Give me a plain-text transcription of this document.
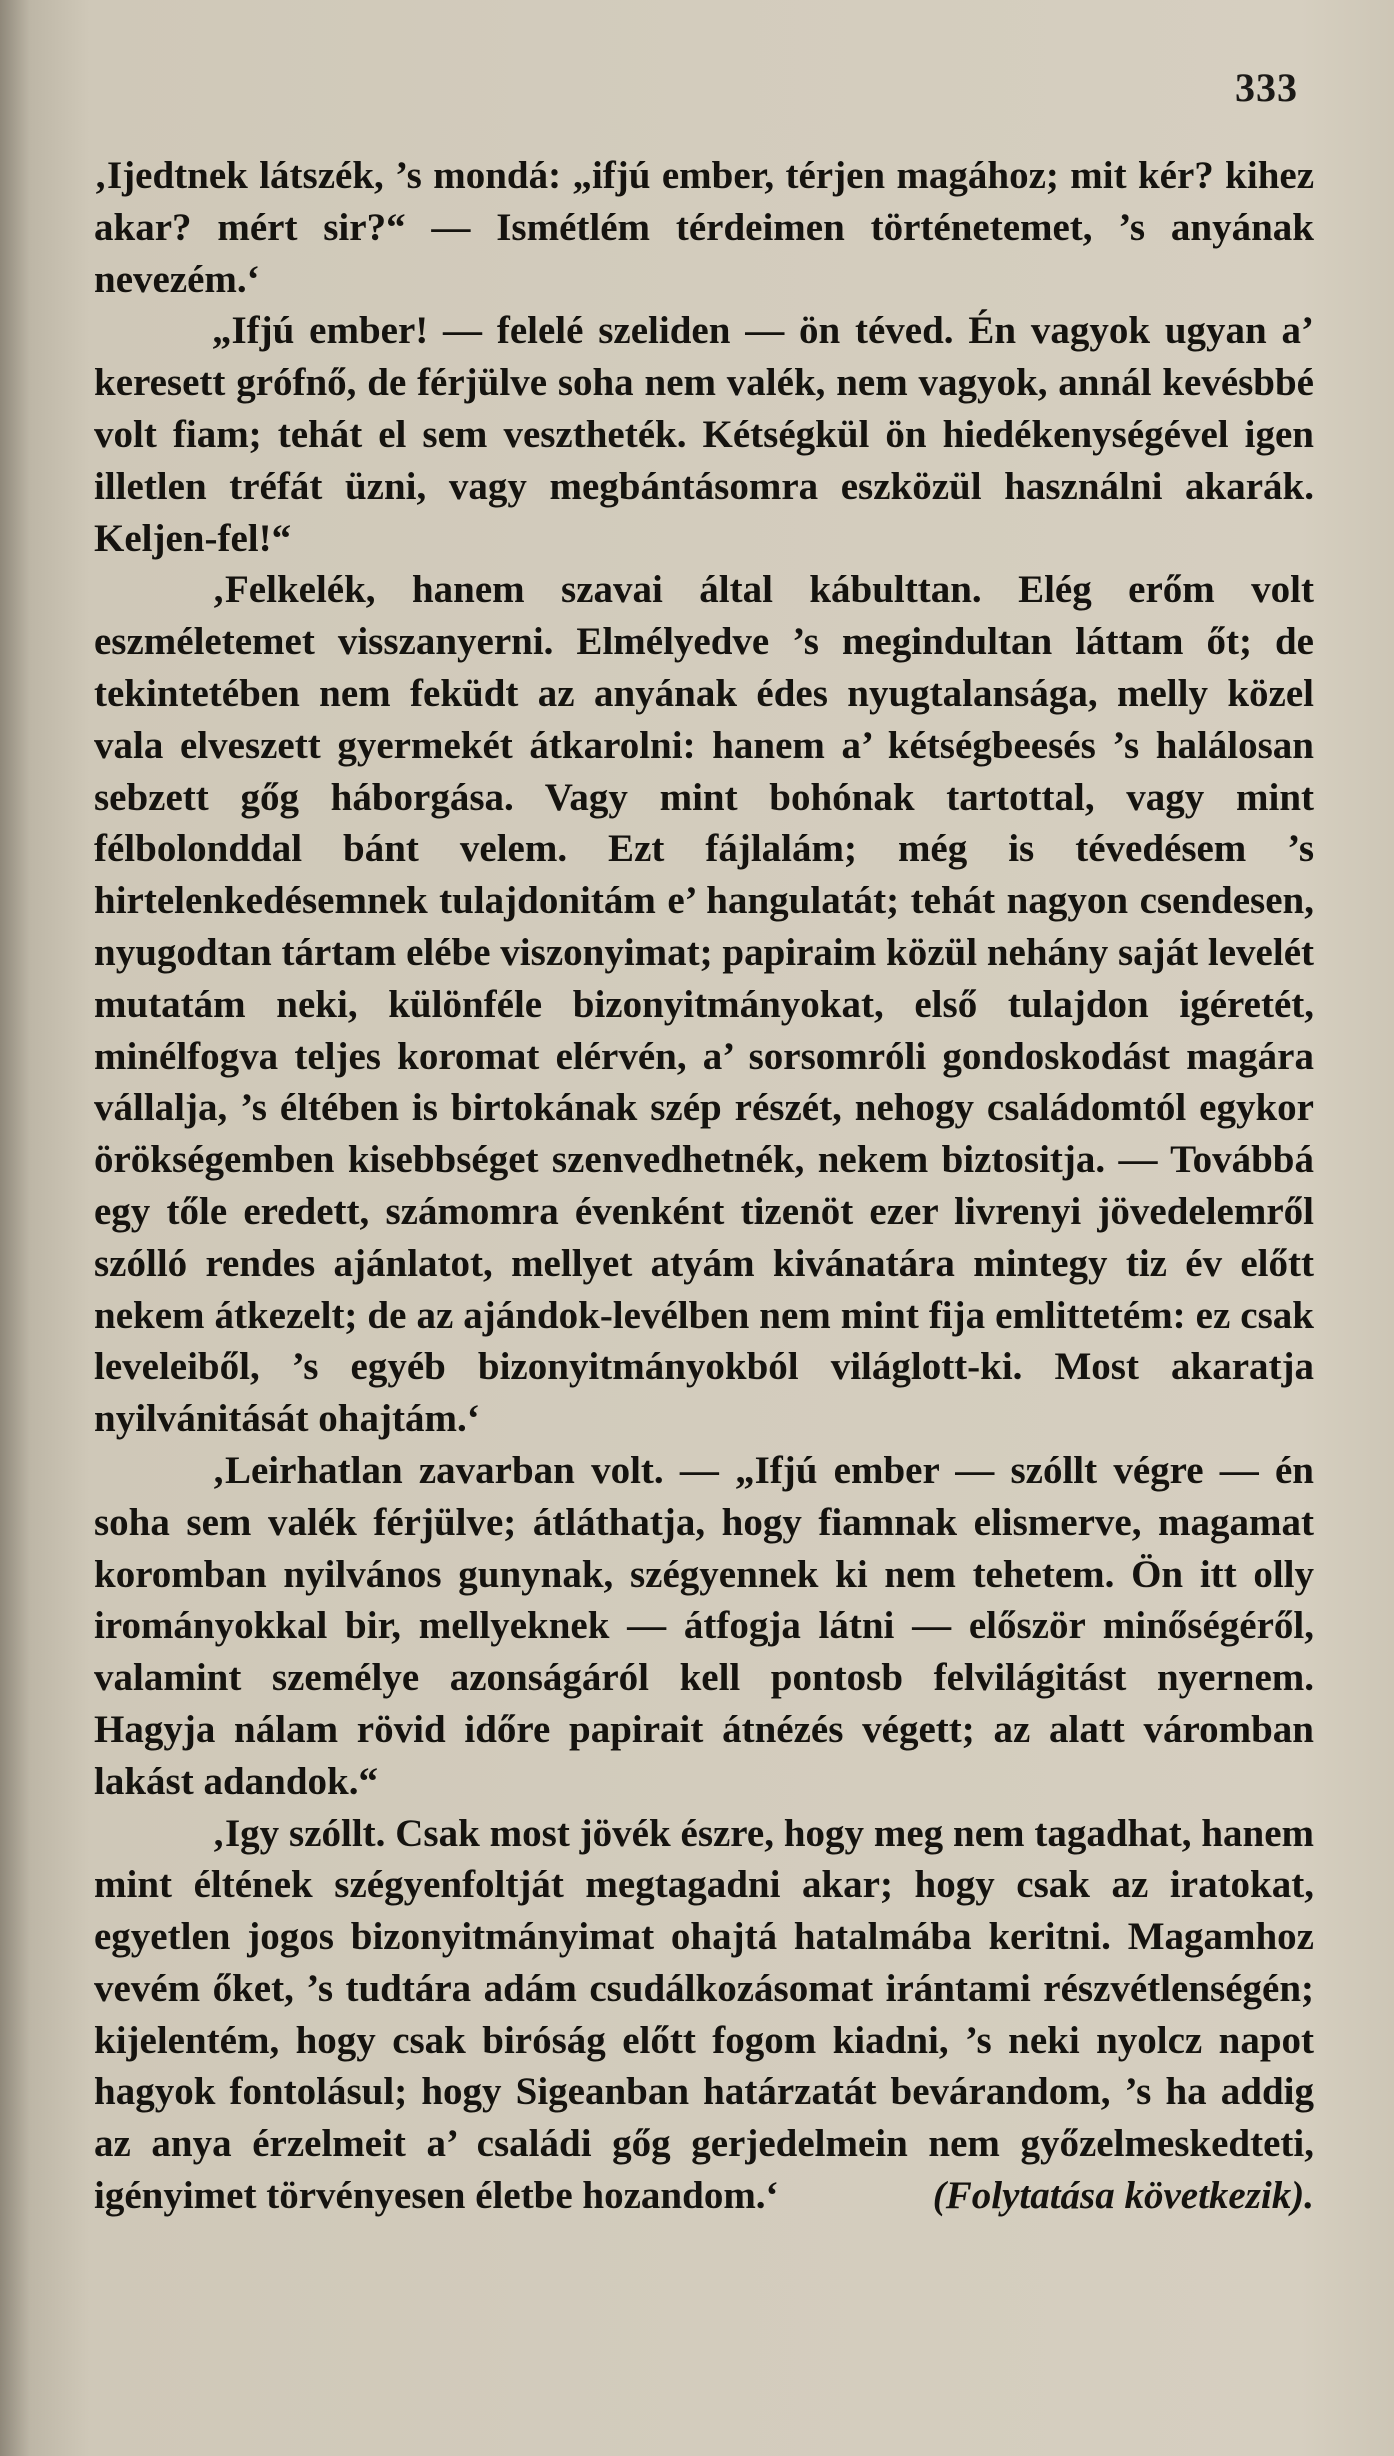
333

‚Ijedtnek látszék, ’s mondá: „ifjú ember, térjen magához; mit kér? kihez akar? mért sir?“ — Ismétlém térdeimen történetemet, ’s anyának nevezém.‘

„Ifjú ember! — felelé szeliden — ön téved. Én vagyok ugyan a’ keresett grófnő, de férjülve soha nem valék, nem vagyok, annál kevésbbé volt fiam; tehát el sem vesztheték. Kétségkül ön hiedékenységével igen illetlen tréfát üzni, vagy megbántásomra eszközül használni akarák. Keljen-fel!“

‚Felkelék, hanem szavai által kábulttan. Elég erőm volt eszméletemet visszanyerni. Elmélyedve ’s megindultan láttam őt; de tekintetében nem feküdt az anyának édes nyugtalansága, melly közel vala elveszett gyermekét átkarolni: hanem a’ kétségbeesés ’s halálosan sebzett gőg háborgása. Vagy mint bohónak tartottal, vagy mint félbolonddal bánt velem. Ezt fájlalám; még is tévedésem ’s hirtelenkedésemnek tulajdonitám e’ hangulatát; tehát nagyon csendesen, nyugodtan tártam elébe viszonyimat; papiraim közül nehány saját levelét mutatám neki, különféle bizonyitmányokat, első tulajdon igéretét, minélfogva teljes koromat elérvén, a’ sorsomróli gondoskodást magára vállalja, ’s éltében is birtokának szép részét, nehogy családomtól egykor örökségemben kisebbséget szenvedhetnék, nekem biztositja. — Továbbá egy tőle eredett, számomra évenként tizenöt ezer livrenyi jövedelemről szólló rendes ajánlatot, mellyet atyám kivánatára mintegy tiz év előtt nekem átkezelt; de az ajándok-levélben nem mint fija emlittetém: ez csak leveleiből, ’s egyéb bizonyitmányokból világlott-ki. Most akaratja nyilvánitását ohajtám.‘

‚Leirhatlan zavarban volt. — „Ifjú ember — szóllt végre — én soha sem valék férjülve; átláthatja, hogy fiamnak elismerve, magamat koromban nyilvános gunynak, szégyennek ki nem tehetem. Ön itt olly irományokkal bir, mellyeknek — átfogja látni — először minőségéről, valamint személye azonságáról kell pontosb felvilágitást nyernem. Hagyja nálam rövid időre papirait átnézés végett; az alatt váromban lakást adandok.“

‚Igy szóllt. Csak most jövék észre, hogy meg nem tagadhat, hanem mint éltének szégyenfoltját megtagadni akar; hogy csak az iratokat, egyetlen jogos bizonyitmányimat ohajtá hatalmába keritni. Magamhoz vevém őket, ’s tudtára adám csudálkozásomat irántami részvétlenségén; kijelentém, hogy csak biróság előtt fogom kiadni, ’s neki nyolcz napot hagyok fontolásul; hogy Sigeanban határzatát bevárandom, ’s ha addig az anya érzelmeit a’ családi gőg gerjedelmein nem győzelmeskedteti, igényimet törvényesen életbe hozandom.‘	(Folytatása következik).
